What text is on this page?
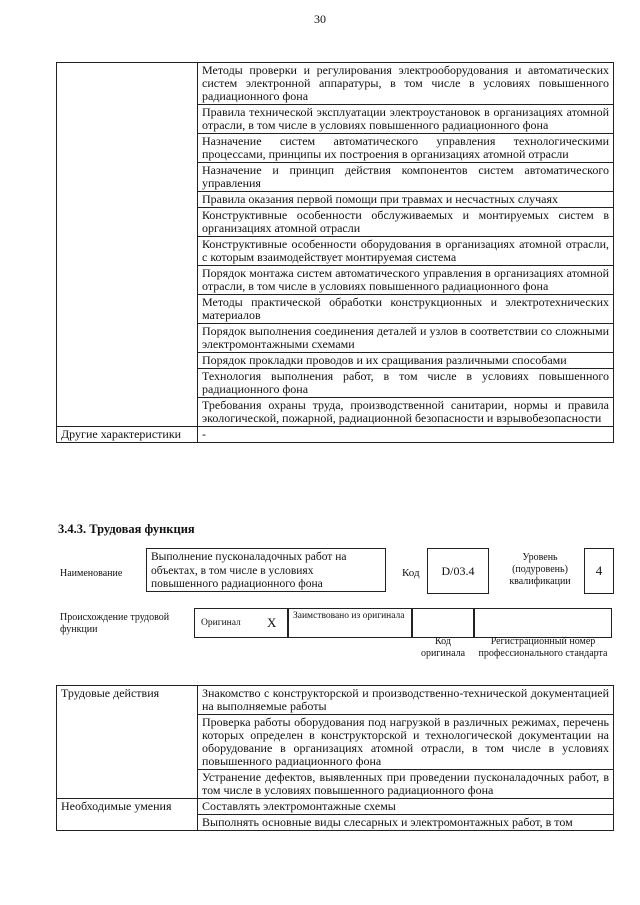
30
	Методы проверки и регулирования электрооборудования и автоматических систем электронной аппаратуры, в том числе в условиях повышенного радиационного фона
	Правила технической эксплуатации электроустановок в организациях атомной отрасли, в том числе в условиях повышенного радиационного фона
	Назначение систем автоматического управления технологическими процессами, принципы их построения в организациях атомной отрасли
	Назначение и принцип действия компонентов систем автоматического управления
	Правила оказания первой помощи при травмах и несчастных случаях
	Конструктивные особенности обслуживаемых и монтируемых систем в организациях атомной отрасли
	Конструктивные особенности оборудования в организациях атомной отрасли, с которым взаимодействует монтируемая система
	Порядок монтажа систем автоматического управления в организациях атомной отрасли, в том числе в условиях повышенного радиационного фона
	Методы практической обработки конструкционных и электротехнических материалов
	Порядок выполнения соединения деталей и узлов в соответствии со сложными электромонтажными схемами
	Порядок прокладки проводов и их сращивания различными способами
	Технология выполнения работ, в том числе в условиях повышенного радиационного фона
	Требования охраны труда, производственной санитарии, нормы и правила экологической, пожарной, радиационной безопасности и взрывобезопасности
Другие характеристики	-
3.4.3. Трудовая функция
Наименование
Выполнение пусконаладочных работ на объектах, в том числе в условиях повышенного радиационного фона
Код	D/03.4
Уровень (подуровень) квалификации
4
Происхождение трудовой функции
Оригинал X	Заимствовано из оригинала
Код оригинала
Регистрационный номер профессионального стандарта
Трудовые действия	Знакомство с конструкторской и производственно-технической документацией на выполняемые работы
	Проверка работы оборудования под нагрузкой в различных режимах, перечень которых определен в конструкторской и технологической документации на оборудование в организациях атомной отрасли, в том числе в условиях повышенного радиационного фона
	Устранение дефектов, выявленных при проведении пусконаладочных работ, в том числе в условиях повышенного радиационного фона
Необходимые умения	Составлять электромонтажные схемы
	Выполнять основные виды слесарных и электромонтажных работ, в том
